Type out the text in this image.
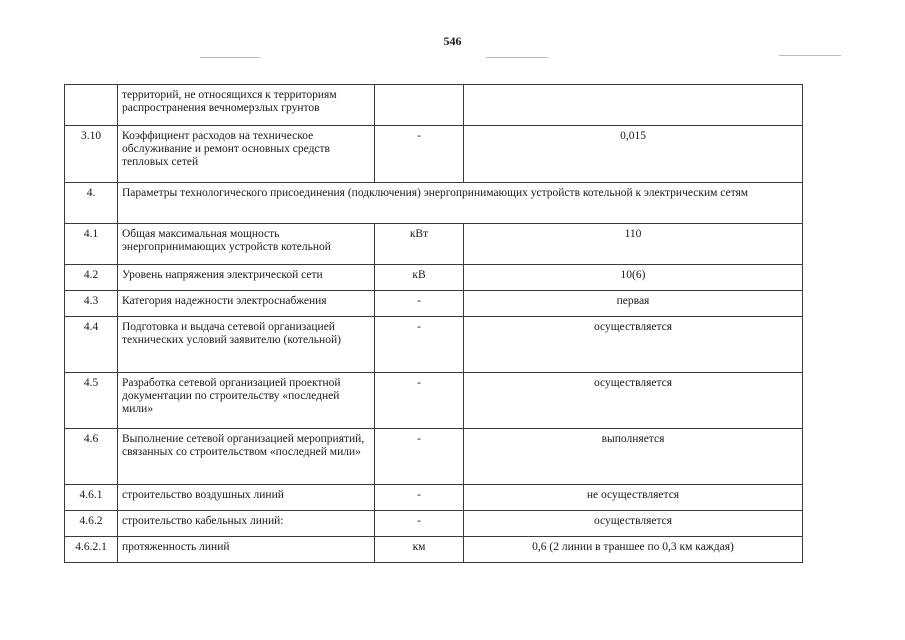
546
	территорий, не относящихся к территориям распространения вечномерзлых грунтов		
3.10	Коэффициент расходов на техническое обслуживание и ремонт основных средств тепловых сетей	-	0,015
4.	Параметры технологического присоединения (подключения) энергопринимающих устройств котельной к электрическим сетям		
4.1	Общая максимальная мощность энергопринимающих устройств котельной	кВт	110
4.2	Уровень напряжения электрической сети	кВ	10(6)
4.3	Категория надежности электроснабжения	-	первая
4.4	Подготовка и выдача сетевой организацией технических условий заявителю (котельной)	-	осуществляется
4.5	Разработка сетевой организацией проектной документации по строительству «последней мили»	-	осуществляется
4.6	Выполнение сетевой организацией мероприятий, связанных со строительством «последней мили»	-	выполняется
4.6.1	строительство воздушных линий	-	не осуществляется
4.6.2	строительство кабельных линий:	-	осуществляется
4.6.2.1	протяженность линий	км	0,6 (2 линии в траншее по 0,3 км каждая)
